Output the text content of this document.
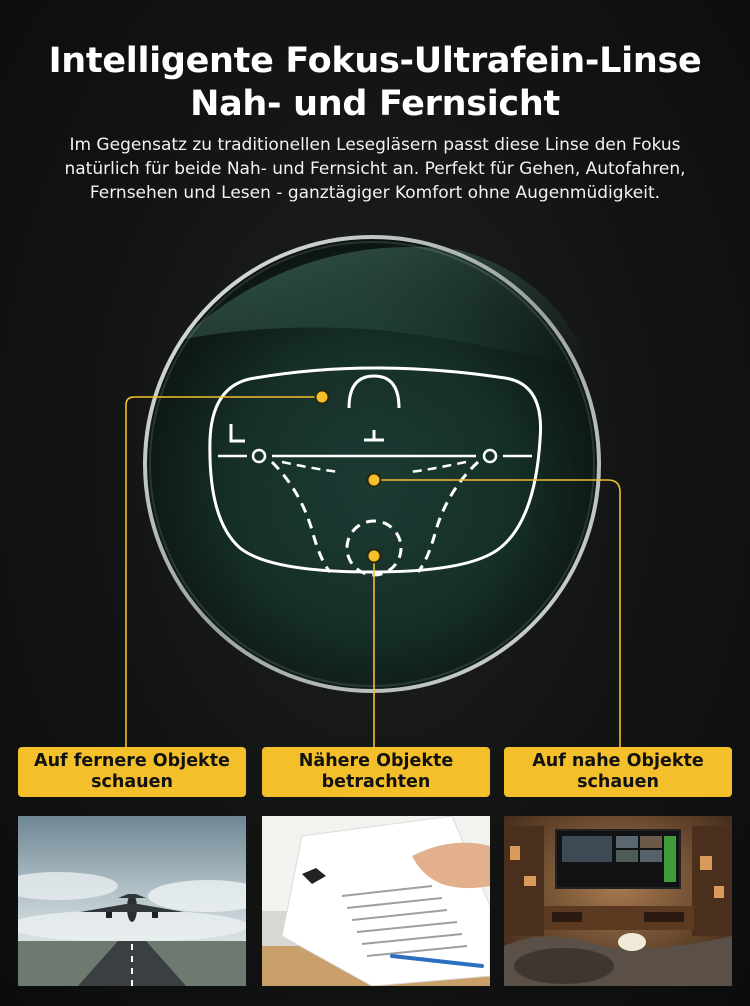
Intelligente Fokus-Ultrafein-Linse
Nah- und Fernsicht
Im Gegensatz zu traditionellen Lesegläsern passt diese Linse den Fokus natürlich für beide Nah- und Fernsicht an. Perfekt für Gehen, Autofahren, Fernsehen und Lesen - ganztägiger Komfort ohne Augenmüdigkeit.
Auf fernere Objekte schauen
Nähere Objekte betrachten
Auf nahe Objekte schauen
